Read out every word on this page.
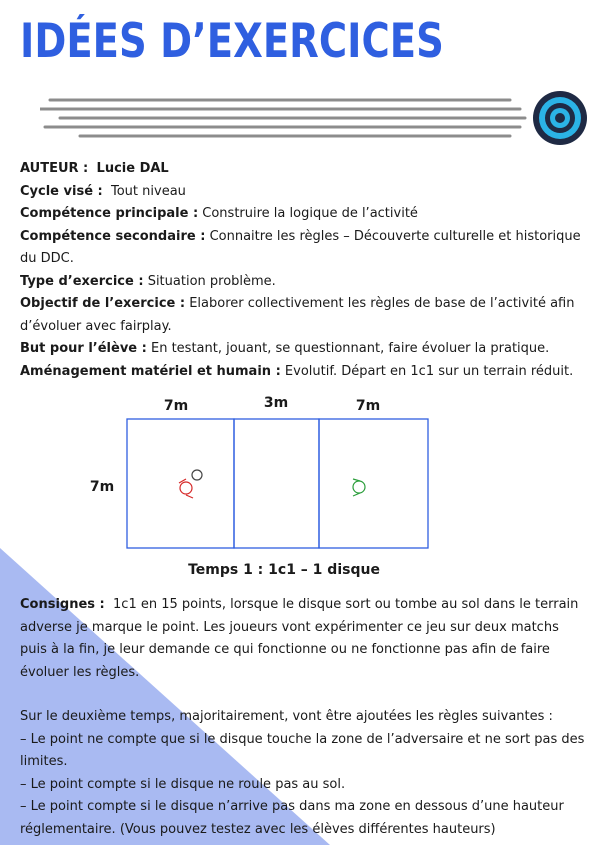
IDÉES D’EXERCICES

AUTEUR : Lucie DAL

Cycle visé : Tout niveau

Compétence principale : Construire la logique de l’activité

Compétence secondaire : Connaitre les règles – Découverte culturelle et historique du DDC.

Type d’exercice : Situation problème.

Objectif de l’exercice : Elaborer collectivement les règles de base de l’activité afin d’évoluer avec fairplay.

But pour l’élève : En testant, jouant, se questionnant, faire évoluer la pratique.

Aménagement matériel et humain : Evolutif. Départ en 1c1 sur un terrain réduit.

7m	3m	7m
7m
Temps 1 : 1c1 – 1 disque

Consignes : 1c1 en 15 points, lorsque le disque sort ou tombe au sol dans le terrain adverse je marque le point. Les joueurs vont expérimenter ce jeu sur deux matchs puis à la fin, je leur demande ce qui fonctionne ou ne fonctionne pas afin de faire évoluer les règles.

Sur le deuxième temps, majoritairement, vont être ajoutées les règles suivantes :

– Le point ne compte que si le disque touche la zone de l’adversaire et ne sort pas des limites.

– Le point compte si le disque ne roule pas au sol.

– Le point compte si le disque n’arrive pas dans ma zone en dessous d’une hauteur réglementaire. (Vous pouvez testez avec les élèves différentes hauteurs)
